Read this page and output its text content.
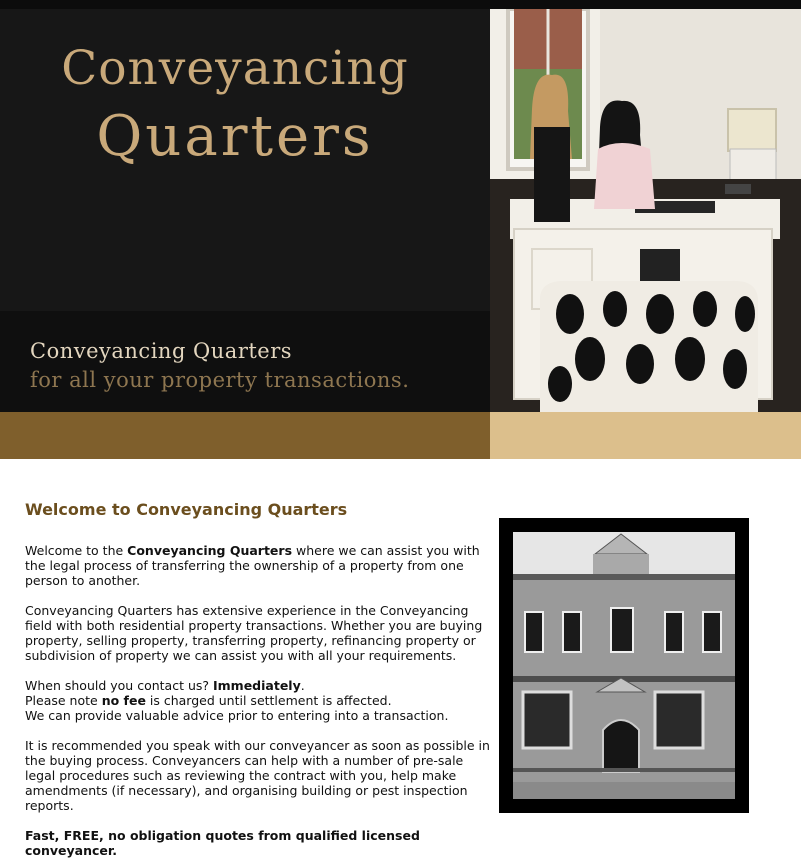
Conveyancing
Quarters
Conveyancing Quarters
for all your property transactions.
Welcome to Conveyancing Quarters

Welcome to the Conveyancing Quarters where we can assist you with the legal process of transferring the ownership of a property from one person to another.

Conveyancing Quarters has extensive experience in the Conveyancing field with both residential property transactions. Whether you are buying property, selling property, transferring property, refinancing property or subdivision of property we can assist you with all your requirements.

When should you contact us? Immediately.
Please note no fee is charged until settlement is affected.
We can provide valuable advice prior to entering into a transaction.

It is recommended you speak with our conveyancer as soon as possible in the buying process. Conveyancers can help with a number of pre-sale legal procedures such as reviewing the contract with you, help make amendments (if necessary), and organising building or pest inspection reports.

Fast, FREE, no obligation quotes from qualified licensed conveyancer.
